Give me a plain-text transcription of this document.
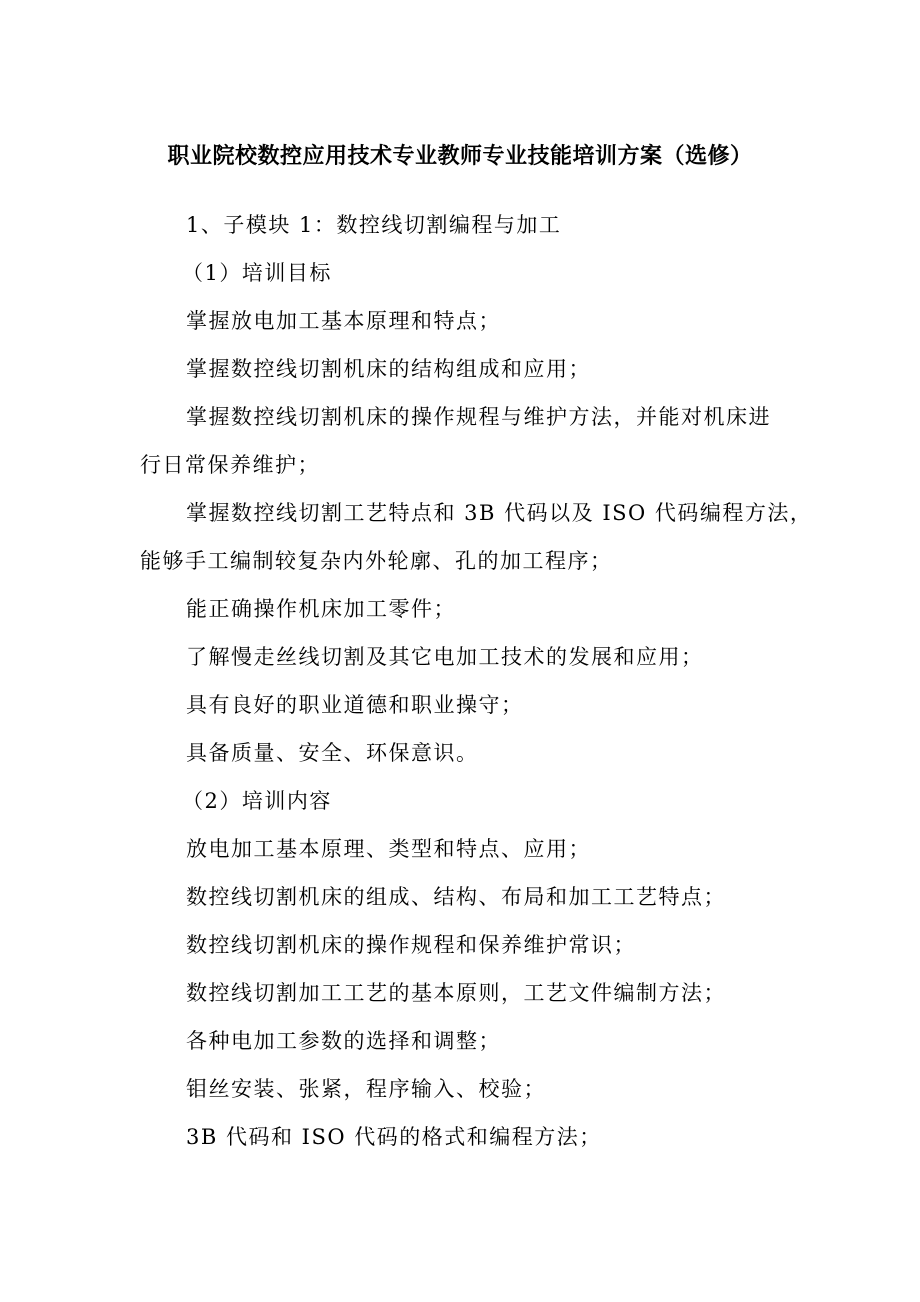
职业院校数控应用技术专业教师专业技能培训方案（选修）
1、子模块 1：数控线切割编程与加工
（1）培训目标
掌握放电加工基本原理和特点；
掌握数控线切割机床的结构组成和应用；
掌握数控线切割机床的操作规程与维护方法，并能对机床进
行日常保养维护；
掌握数控线切割工艺特点和 3B 代码以及 ISO 代码编程方法，
能够手工编制较复杂内外轮廓、孔的加工程序；
能正确操作机床加工零件；
了解慢走丝线切割及其它电加工技术的发展和应用；
具有良好的职业道德和职业操守；
具备质量、安全、环保意识。
（2）培训内容
放电加工基本原理、类型和特点、应用；
数控线切割机床的组成、结构、布局和加工工艺特点；
数控线切割机床的操作规程和保养维护常识；
数控线切割加工工艺的基本原则，工艺文件编制方法；
各种电加工参数的选择和调整；
钼丝安装、张紧，程序输入、校验；
3B 代码和 ISO 代码的格式和编程方法；
